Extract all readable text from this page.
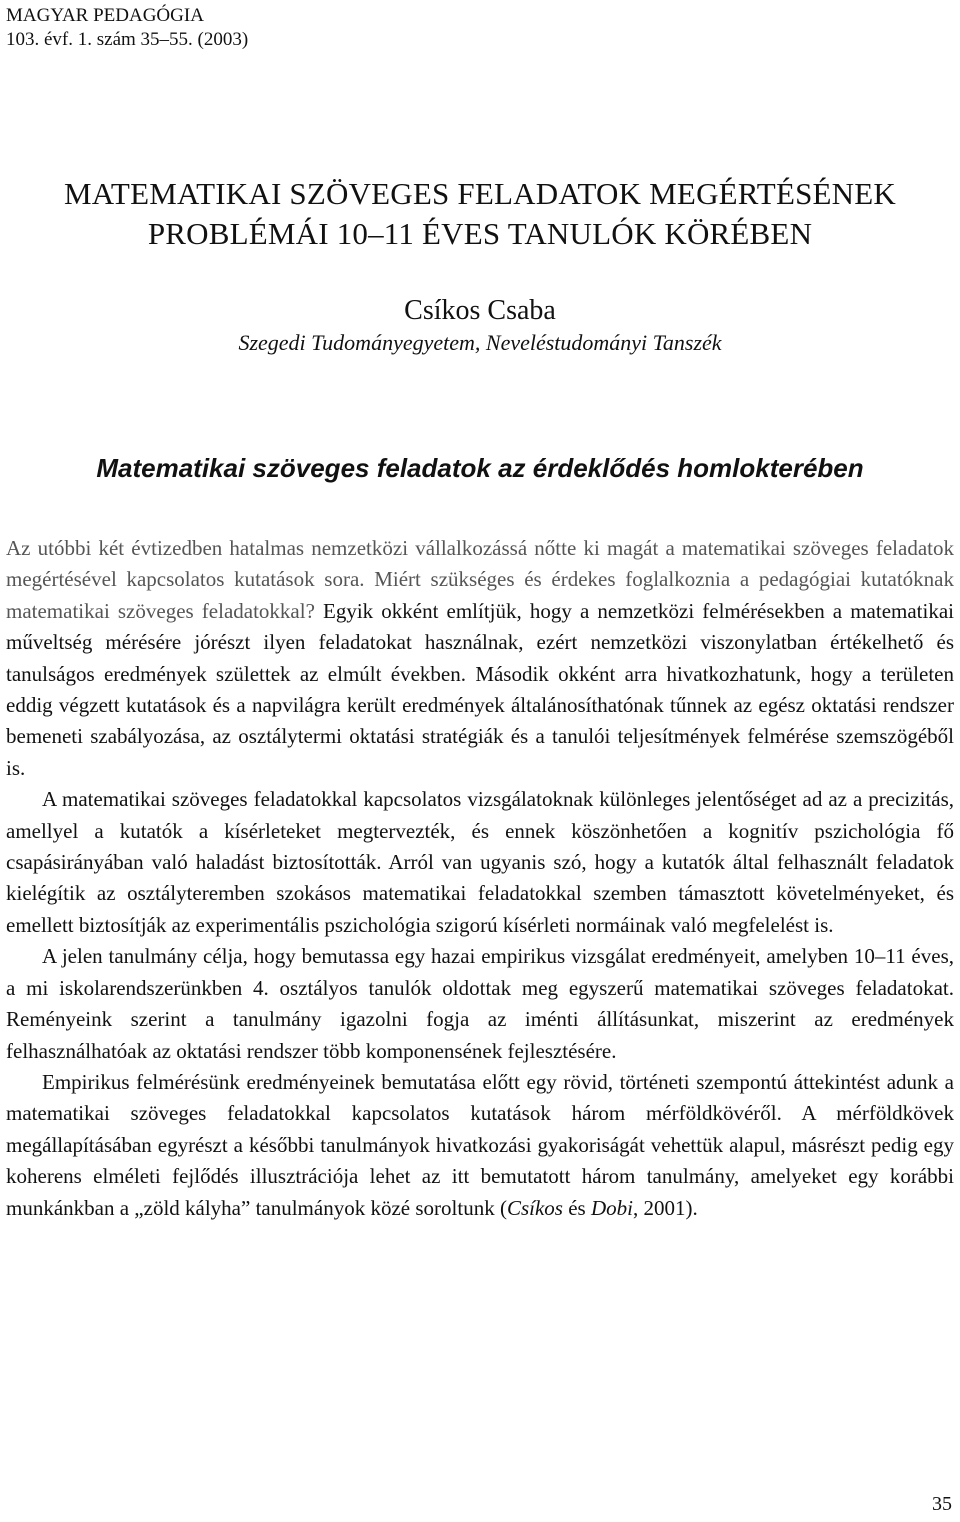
MAGYAR PEDAGÓGIA
103. évf. 1. szám 35–55. (2003)
MATEMATIKAI SZÖVEGES FELADATOK MEGÉRTÉSÉNEK
PROBLÉMÁI 10–11 ÉVES TANULÓK KÖRÉBEN
Csíkos Csaba
Szegedi Tudományegyetem, Neveléstudományi Tanszék
Matematikai szöveges feladatok az érdeklődés homlokterében

Az utóbbi két évtizedben hatalmas nemzetközi vállalkozássá nőtte ki magát a matematikai szöveges feladatok megértésével kapcsolatos kutatások sora. Miért szükséges és érdekes foglalkoznia a pedagógiai kutatóknak matematikai szöveges feladatokkal? Egyik okként említjük, hogy a nemzetközi felmérésekben a matematikai műveltség mérésére jórészt ilyen feladatokat használnak, ezért nemzetközi viszonylatban értékelhető és tanulságos eredmények születtek az elmúlt években. Második okként arra hivatkozhatunk, hogy a területen eddig végzett kutatások és a napvilágra került eredmények általánosíthatónak tűnnek az egész oktatási rendszer bemeneti szabályozása, az osztálytermi oktatási stratégiák és a tanulói teljesítmények felmérése szemszögéből is.

A matematikai szöveges feladatokkal kapcsolatos vizsgálatoknak különleges jelentőséget ad az a precizitás, amellyel a kutatók a kísérleteket megtervezték, és ennek köszönhetően a kognitív pszichológia fő csapásirányában való haladást biztosították. Arról van ugyanis szó, hogy a kutatók által felhasznált feladatok kielégítik az osztályteremben szokásos matematikai feladatokkal szemben támasztott követelményeket, és emellett biztosítják az experimentális pszichológia szigorú kísérleti normáinak való megfelelést is.

A jelen tanulmány célja, hogy bemutassa egy hazai empirikus vizsgálat eredményeit, amelyben 10–11 éves, a mi iskolarendszerünkben 4. osztályos tanulók oldottak meg egyszerű matematikai szöveges feladatokat. Reményeink szerint a tanulmány igazolni fogja az iménti állításunkat, miszerint az eredmények felhasználhatóak az oktatási rendszer több komponensének fejlesztésére.

Empirikus felmérésünk eredményeinek bemutatása előtt egy rövid, történeti szempontú áttekintést adunk a matematikai szöveges feladatokkal kapcsolatos kutatások három mérföldkövéről. A mérföldkövek megállapításában egyrészt a későbbi tanulmányok hivatkozási gyakoriságát vehettük alapul, másrészt pedig egy koherens elméleti fejlődés illusztrációja lehet az itt bemutatott három tanulmány, amelyeket egy korábbi munkánkban a „zöld kályha” tanulmányok közé soroltunk (Csíkos és Dobi, 2001).

35
